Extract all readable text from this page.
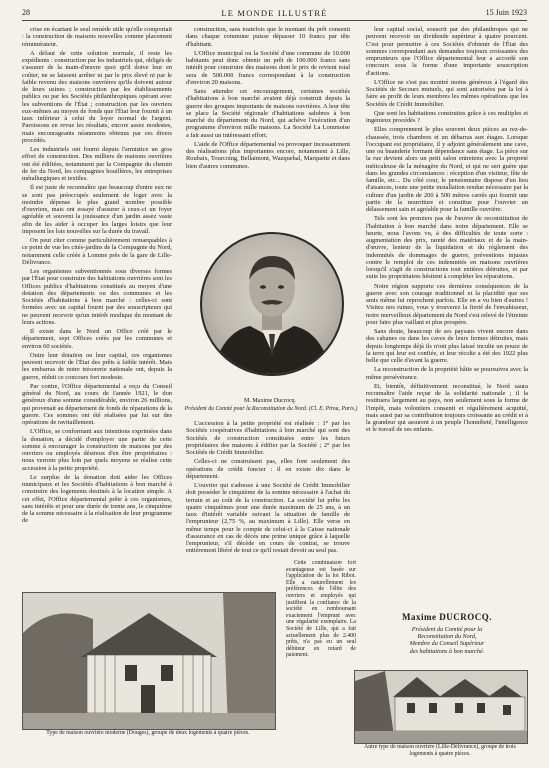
28	LE MONDE ILLUSTRÉ	15 Juin 1923

crise en écartant le seul remède utile qu'elle comportait : la construction de maisons nouvelles comme placement rémunérateur.

A défaut de cette solution normale, il reste les expédients : construction par les industriels qui, obligés de s'assurer de la main-d'œuvre quoi qu'il doive leur en coûter, ne se laissent arrêter ni par le prix élevé ni par le faible revenu des maisons ouvrières qu'ils doivent autour de leurs usines ; construction par les établissements publics ou par les Sociétés philanthropiques opérant avec les subventions de l'État ; construction par les ouvriers eux-mêmes au moyen de fonds que l'État leur fournit à un taux inférieur à celui du loyer normal de l'argent. Paroissons en revue les résultats, encore assez modestes, mais encourageants néanmoins obtenus par ces divers procédés.

Les industriels ont fourni depuis l'armistice un gros effort de construction. Des milliers de maisons ouvrières ont été édifiées, notamment par la Compagnie du chemin de fer du Nord, les compagnies houillères, les entreprises métallurgiques et textiles.

Il est juste de reconnaître que beaucoup d'entre eux ne se sont pas préoccupés seulement de loger avec la moindre dépense le plus grand nombre possible d'ouvriers, mais ont essayé d'assurer à ceux-ci un foyer agréable et souvent la jouissance d'un jardin assez vaste afin de les aider à occuper les larges loisirs que leur imposent les lois nouvelles sur la durée du travail.

On peut citer comme particulièrement remarquables à ce point de vue les cités-jardins de la Compagnie du Nord, notamment celle créée à Lomme près de la gare de Lille-Délivrance.

Les organismes subventionnés sous diverses formes par l'État pour construire des habitations ouvrières sont les Offices publics d'habitations constitués au moyen d'une dotation des départements ou des communes et les Sociétés d'habitations à bon marché : celles-ci sont formées avec un capital fourni par des souscripteurs qui ne peuvent recevoir qu'un intérêt modique du montant de leurs actions.

Il existe dans le Nord un Office créé par le département, sept Offices créés par les communes et environ 60 sociétés.

Outre leur dotation ou leur capital, ces organismes peuvent recevoir de l'État des prêts à faible intérêt. Mais les embarras de notre trésorerie nationale ont, depuis la guerre, réduit ce concours fort modeste.

Par contre, l'Office départemental a reçu du Conseil général du Nord, au cours de l'année 1921, le don généreux d'une somme considérable, environ 26 millions, qui provenait au département de fonds de réparations de la guerre. Ces sommes ont été réalisées par lui sur des opérations de ravitaillement.

L'Office, se conformant aux intentions exprimées dans la donation, a décidé d'employer une partie de cette somme à encourager la construction de maisons par des ouvriers ou employés désireux d'en être propriétaires : nous verrons plus loin par quels moyens se réalise cette accession à la petite propriété.

Le surplus de la donation doit aider les Offices municipaux et les Sociétés d'habitations à bon marché à construire des logements destinés à la location simple. A cet effet, l'Office départemental prête à ces organismes, sans intérêts et pour une durée de trente ans, le cinquième de la somme nécessaire à la réalisation de leur programme de

construction, sans toutefois que le montant du prêt consenti dans chaque commune puisse dépasser 10 francs par tête d'habitant.

L'Office municipal ou la Société d'une commune de 10.000 habitants peut donc obtenir un prêt de 100.000 francs sans intérêt pour construire des maisons dont le prix de revient total sera de 500.000 francs correspondant à la construction d'environ 20 maisons.

Sans attendre cet encouragement, certaines sociétés d'habitations à bon marché avaient déjà construit depuis la guerre des groupes importants de maisons ouvrières. A leur tête se place la Société régionale d'habitations salubres à bon marché du département du Nord, qui achève l'exécution d'un programme d'environ mille maisons. La Société La Lommoise a fait aussi un intéressant effort.

L'aide de l'Office départemental va provoquer incessamment des réalisations plus importantes encore, notamment à Lille, Roubaix, Tourcoing, Bellaimont, Wazquehal, Marquette et dans bien d'autres communes.

M. Maxime Ducrocq.
Président du Comité pour la Reconstitution du Nord. (Cl. E. Pirou, Paris.)

L'accession à la petite propriété est réalisée : 1° par les Sociétés coopératives d'habitations à bon marché qui sont des Sociétés de construction constituées entre les futurs propriétaires des maisons à édifier par la Société ; 2° par les Sociétés de Crédit Immobilier.

Celles-ci ne construisent pas, elles font seulement des opérations de crédit foncier : il en existe dix dans le département.

L'ouvrier qui s'adresse à une Société de Crédit Immobilier doit posséder le cinquième de la somme nécessaire à l'achat du terrain et au coût de la construction. La société lui prête les quatre cinquièmes pour une durée maximum de 25 ans, à un taux d'intérêt variable suivant la situation de famille de l'emprunteur (2,75 %, au maximum à Lille). Elle verse en même temps pour le compte de celui-ci à la Caisse nationale d'assurance en cas de décès une prime unique grâce à laquelle l'emprunteur, s'il décède en cours de contrat, se trouve entièrement libéré de tout ce qu'il restait devoir au seul pas.

Cette combinaison fort avantageuse est basée sur l'application de la loi Ribot. Elle a naturellement les préférences de l'élite des ouvriers et employés qui justifient la confiance de la société en remboursant exactement l'emprunt avec une régularité exemplaire. La Société de Lille, qui a fait actuellement plus de 2.400 prêts, n'a pas eu un seul débiteur en retard de paiement.

leur capital social, souscrit par des philanthropes qui ne peuvent recevoir un dividende supérieur à quatre pourcent. C'est pour permettre à ces Sociétés d'obtenir de l'État des sommes correspondant aux demandes toujours croissantes des emprunteurs que l'Office départemental leur a accordé son concours sous la forme d'une importante souscription d'actions.

L'Office ne s'est pas montré moins généreux à l'égard des Sociétés de Secours mutuels, qui sont autorisées par la loi à faire au profit de leurs membres les mêmes opérations que les Sociétés de Crédit Immobilier.

Que sont les habitations construites grâce à ces multiples et ingénieux procédés ?

Elles comprennent le plus souvent deux pièces au rez-de-chaussée, trois chambres et un débarras aux étages. Lorsque l'occupant est propriétaire, il y adjoint généralement une cave, une ou buanderie formant dépendance sans étage. La pièce sur la rue devient alors un petit salon entretenu avec la propreté méticuleuse de la ménagère du Nord, et qui ne sert guère que dans les grandes circonstances : réception d'un visiteur, fête de famille, etc... Du côté cour, le pensionnaire dispose d'un lieu d'aisances, toute une petite installation rendue nécessaire par la culture d'un jardin de 200 à 500 mètres carrés qui fournit une partie de la nourriture et constitue pour l'ouvrier un délassement sain et agréable pour la famille ouvrière.

Tels sont les premiers pas de l'œuvre de reconstitution de l'habitation à bon marché dans notre département. Elle se heurte, nous l'avons vu, à des difficultés de toute sorte : augmentation des prix, rareté des matériaux et de la main-d'œuvre, lenteur de la liquidation et du règlement des indemnités de dommages de guerre, préventions injustes contre le remploi de ces indemnités en maisons ouvrières lorsqu'il s'agit de constructions tout entières détruites, et par suite les propriétaires hésitent à compléter les réparations.

Notre région supporte ces dernières conséquences de la guerre avec son courage traditionnel et la placidité que ses amis même lui reprochent parfois. Elle en a vu bien d'autres ! Visitez nos ruines, vous y trouverez la fierté de l'envahisseur, notre merveilleux département du Nord s'est relevé de l'étreinte pour faire plus vaillant et plus prospère.

Sans doute, beaucoup de ses paysans vivent encore dans des cabanes ou dans les caves de leurs fermes détruites, mais depuis longtemps déjà ils n'ont plus laissé inculte un pouce de la terre qui leur est confiée, et leur récolte a été des 1922 plus belle que celle d'avant la guerre.

La reconstruction de la propriété bâtie se poursuivra avec la même persévérance.

Et, bientôt, définitivement reconstitué, le Nord saura reconnaître l'aide reçue de la solidarité nationale ; il la restituera largement au pays, non seulement sous la forme de l'impôt, mais volontiers consenti et régulièrement acquitté, mais aussi par sa contribution toujours croissante au crédit et à la grandeur qui assurent à un peuple l'honnêteté, l'intelligence et le travail de ses enfants.

Maxime DUCROCQ.
Président du Comité pour la
Reconstitution du Nord,
Membre du Conseil Supérieur
des habitations à bon marché.
Type de maison ouvrière moderne (Douges), groupe de deux logements à quatre pièces.
Autre type de maison ouvrière (Lille-Délivrance), groupe de trois logements à quatre pièces.
